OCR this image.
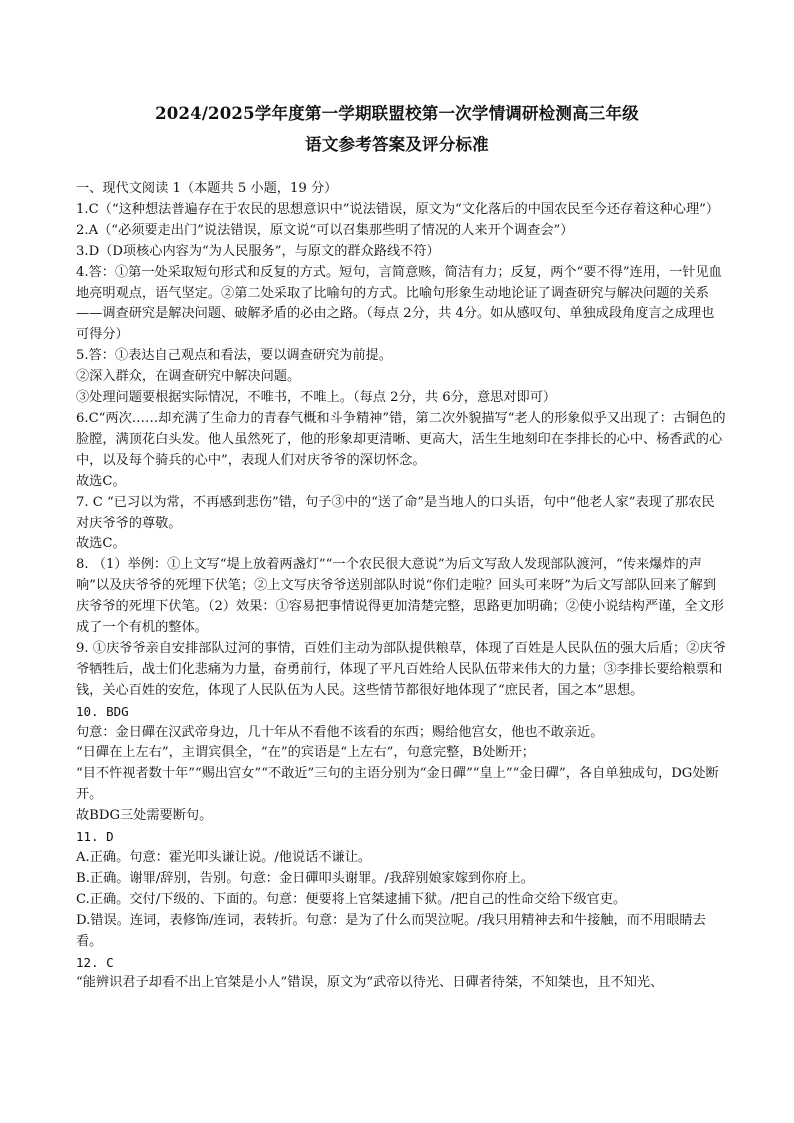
2024/2025学年度第一学期联盟校第一次学情调研检测高三年级
语文参考答案及评分标准

一、现代文阅读 1（本题共 5 小题，19 分）

1.C（“这种想法普遍存在于农民的思想意识中”说法错误，原文为“文化落后的中国农民至今还存着这种心理”）

2.A（“必须要走出门”说法错误，原文说“可以召集那些明了情况的人来开个调查会”）

3.D（D项核心内容为“为人民服务”，与原文的群众路线不符）

4.答：①第一处采取短句形式和反复的方式。短句，言简意赅，简洁有力；反复，两个“要不得”连用，一针见血地亮明观点，语气坚定。②第二处采取了比喻句的方式。比喻句形象生动地论证了调查研究与解决问题的关系——调查研究是解决问题、破解矛盾的必由之路。（每点 2分，共 4分。如从感叹句、单独成段角度言之成理也可得分）

5.答：①表达自己观点和看法，要以调查研究为前提。

②深入群众，在调查研究中解决问题。

③处理问题要根据实际情况，不唯书，不唯上。（每点 2分，共 6分，意思对即可）

6.C“两次……却充满了生命力的青春气概和斗争精神”错，第二次外貌描写“老人的形象似乎又出现了：古铜色的脸膛，满顶花白头发。他人虽然死了，他的形象却更清晰、更高大，活生生地刻印在李排长的心中、杨香武的心中，以及每个骑兵的心中”，表现人们对庆爷爷的深切怀念。

故选C。

7. C “已习以为常，不再感到悲伤”错，句子③中的“送了命”是当地人的口头语，句中“他老人家”表现了那农民对庆爷爷的尊敬。

故选C。

8. （1）举例：①上文写“堤上放着两盏灯”“一个农民很大意说”为后文写敌人发现部队渡河，“传来爆炸的声响”以及庆爷爷的死埋下伏笔；②上文写庆爷爷送别部队时说“你们走啦？回头可来呀”为后文写部队回来了解到庆爷爷的死埋下伏笔。（2）效果：①容易把事情说得更加清楚完整，思路更加明确；②使小说结构严谨，全文形成了一个有机的整体。

9. ①庆爷爷亲自安排部队过河的事情，百姓们主动为部队提供粮草，体现了百姓是人民队伍的强大后盾；②庆爷爷牺牲后，战士们化悲痛为力量，奋勇前行，体现了平凡百姓给人民队伍带来伟大的力量；③李排长要给粮票和钱，关心百姓的安危，体现了人民队伍为人民。这些情节都很好地体现了“庶民者，国之本”思想。

10. BDG

句意：金日磾在汉武帝身边，几十年从不看他不该看的东西；赐给他宫女，他也不敢亲近。

“日磾在上左右”，主谓宾俱全，“在”的宾语是“上左右”，句意完整，B处断开；

“目不忤视者数十年”“赐出宫女”“不敢近”三句的主语分别为“金日磾”“皇上”“金日磾”，各自单独成句，DG处断开。

故BDG三处需要断句。

11. D

A.正确。句意：霍光叩头谦让说。/他说话不谦让。

B.正确。谢罪/辞别，告别。句意：金日磾叩头谢罪。/我辞别娘家嫁到你府上。

C.正确。交付/下级的、下面的。句意：便要将上官桀逮捕下狱。/把自己的性命交给下级官吏。

D.错误。连词，表修饰/连词，表转折。句意：是为了什么而哭泣呢。/我只用精神去和牛接触，而不用眼睛去看。

12. C

“能辨识君子却看不出上官桀是小人”错误，原文为“武帝以待光、日磾者待桀，不知桀也，且不知光、
